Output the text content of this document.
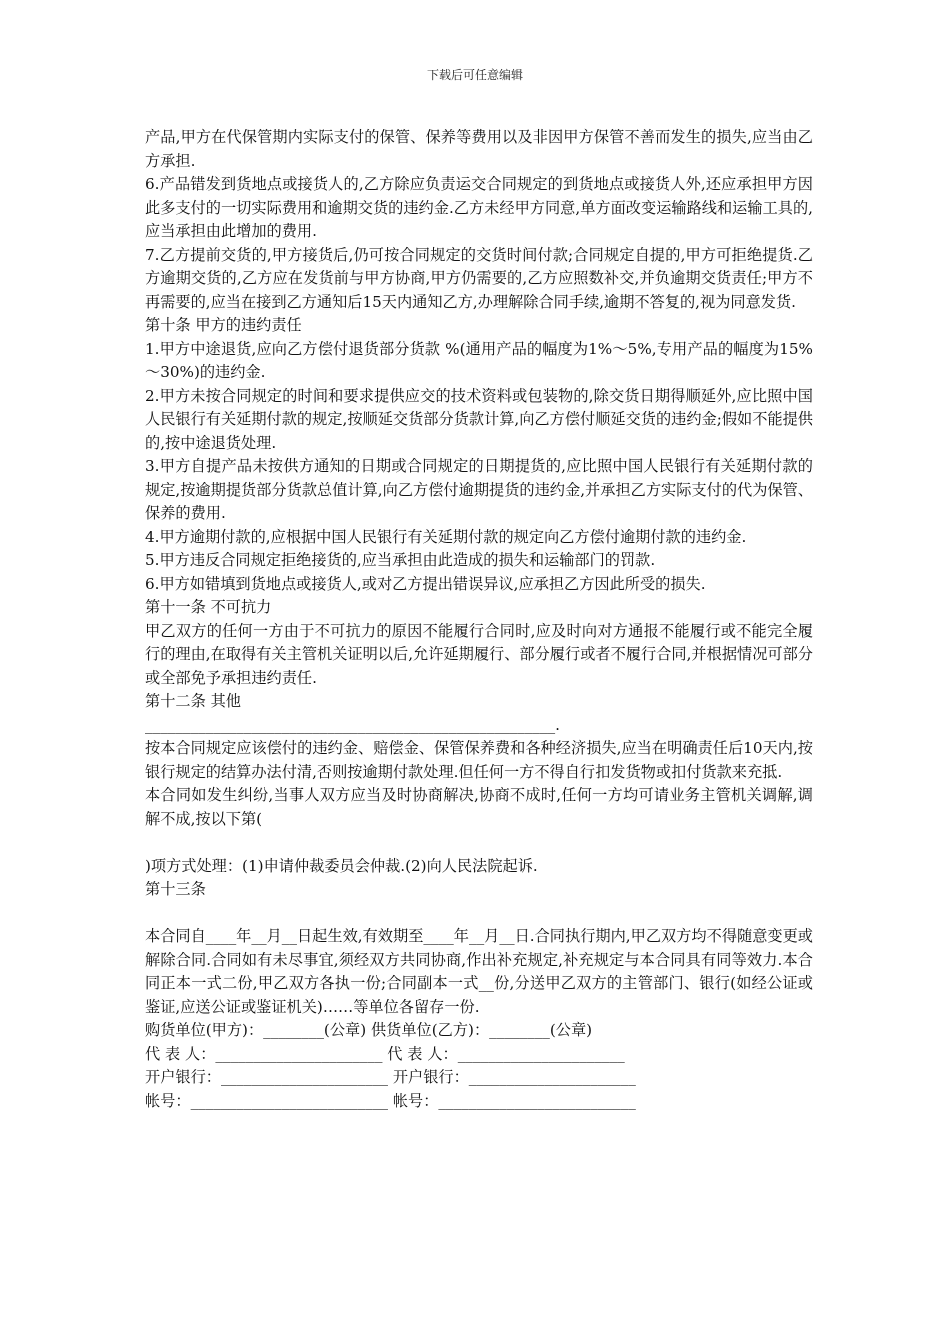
下载后可任意编辑

产品,甲方在代保管期内实际支付的保管、保养等费用以及非因甲方保管不善而发生的损失,应当由乙方承担.

6.产品错发到货地点或接货人的,乙方除应负责运交合同规定的到货地点或接货人外,还应承担甲方因此多支付的一切实际费用和逾期交货的违约金.乙方未经甲方同意,单方面改变运输路线和运输工具的,应当承担由此增加的费用.

7.乙方提前交货的,甲方接货后,仍可按合同规定的交货时间付款;合同规定自提的,甲方可拒绝提货.乙方逾期交货的,乙方应在发货前与甲方协商,甲方仍需要的,乙方应照数补交,并负逾期交货责任;甲方不再需要的,应当在接到乙方通知后15天内通知乙方,办理解除合同手续,逾期不答复的,视为同意发货.

第十条 甲方的违约责任

1.甲方中途退货,应向乙方偿付退货部分货款 %(通用产品的幅度为1%～5%,专用产品的幅度为15%～30%)的违约金.

2.甲方未按合同规定的时间和要求提供应交的技术资料或包装物的,除交货日期得顺延外,应比照中国人民银行有关延期付款的规定,按顺延交货部分货款计算,向乙方偿付顺延交货的违约金;假如不能提供的,按中途退货处理.

3.甲方自提产品未按供方通知的日期或合同规定的日期提货的,应比照中国人民银行有关延期付款的规定,按逾期提货部分货款总值计算,向乙方偿付逾期提货的违约金,并承担乙方实际支付的代为保管、保养的费用.

4.甲方逾期付款的,应根据中国人民银行有关延期付款的规定向乙方偿付逾期付款的违约金.

5.甲方违反合同规定拒绝接货的,应当承担由此造成的损失和运输部门的罚款.

6.甲方如错填到货地点或接货人,或对乙方提出错误异议,应承担乙方因此所受的损失.

第十一条 不可抗力

甲乙双方的任何一方由于不可抗力的原因不能履行合同时,应及时向对方通报不能履行或不能完全履行的理由,在取得有关主管机关证明以后,允许延期履行、部分履行或者不履行合同,并根据情况可部分或全部免予承担违约责任.

第十二条 其他

______________________________________________________.

按本合同规定应该偿付的违约金、赔偿金、保管保养费和各种经济损失,应当在明确责任后10天内,按银行规定的结算办法付清,否则按逾期付款处理.但任何一方不得自行扣发货物或扣付货款来充抵.

本合同如发生纠纷,当事人双方应当及时协商解决,协商不成时,任何一方均可请业务主管机关调解,调解不成,按以下第(

)项方式处理：(1)申请仲裁委员会仲裁.(2)向人民法院起诉.

第十三条

本合同自____年__月__日起生效,有效期至____年__月__日.合同执行期内,甲乙双方均不得随意变更或解除合同.合同如有未尽事宜,须经双方共同协商,作出补充规定,补充规定与本合同具有同等效力.本合同正本一式二份,甲乙双方各执一份;合同副本一式__份,分送甲乙双方的主管部门、银行(如经公证或鉴证,应送公证或鉴证机关)……等单位各留存一份.

购货单位(甲方)：________(公章) 供货单位(乙方)：________(公章)

代 表 人：______________________ 代 表 人：______________________

开户银行：______________________ 开户银行：______________________

帐号：__________________________ 帐号：__________________________
